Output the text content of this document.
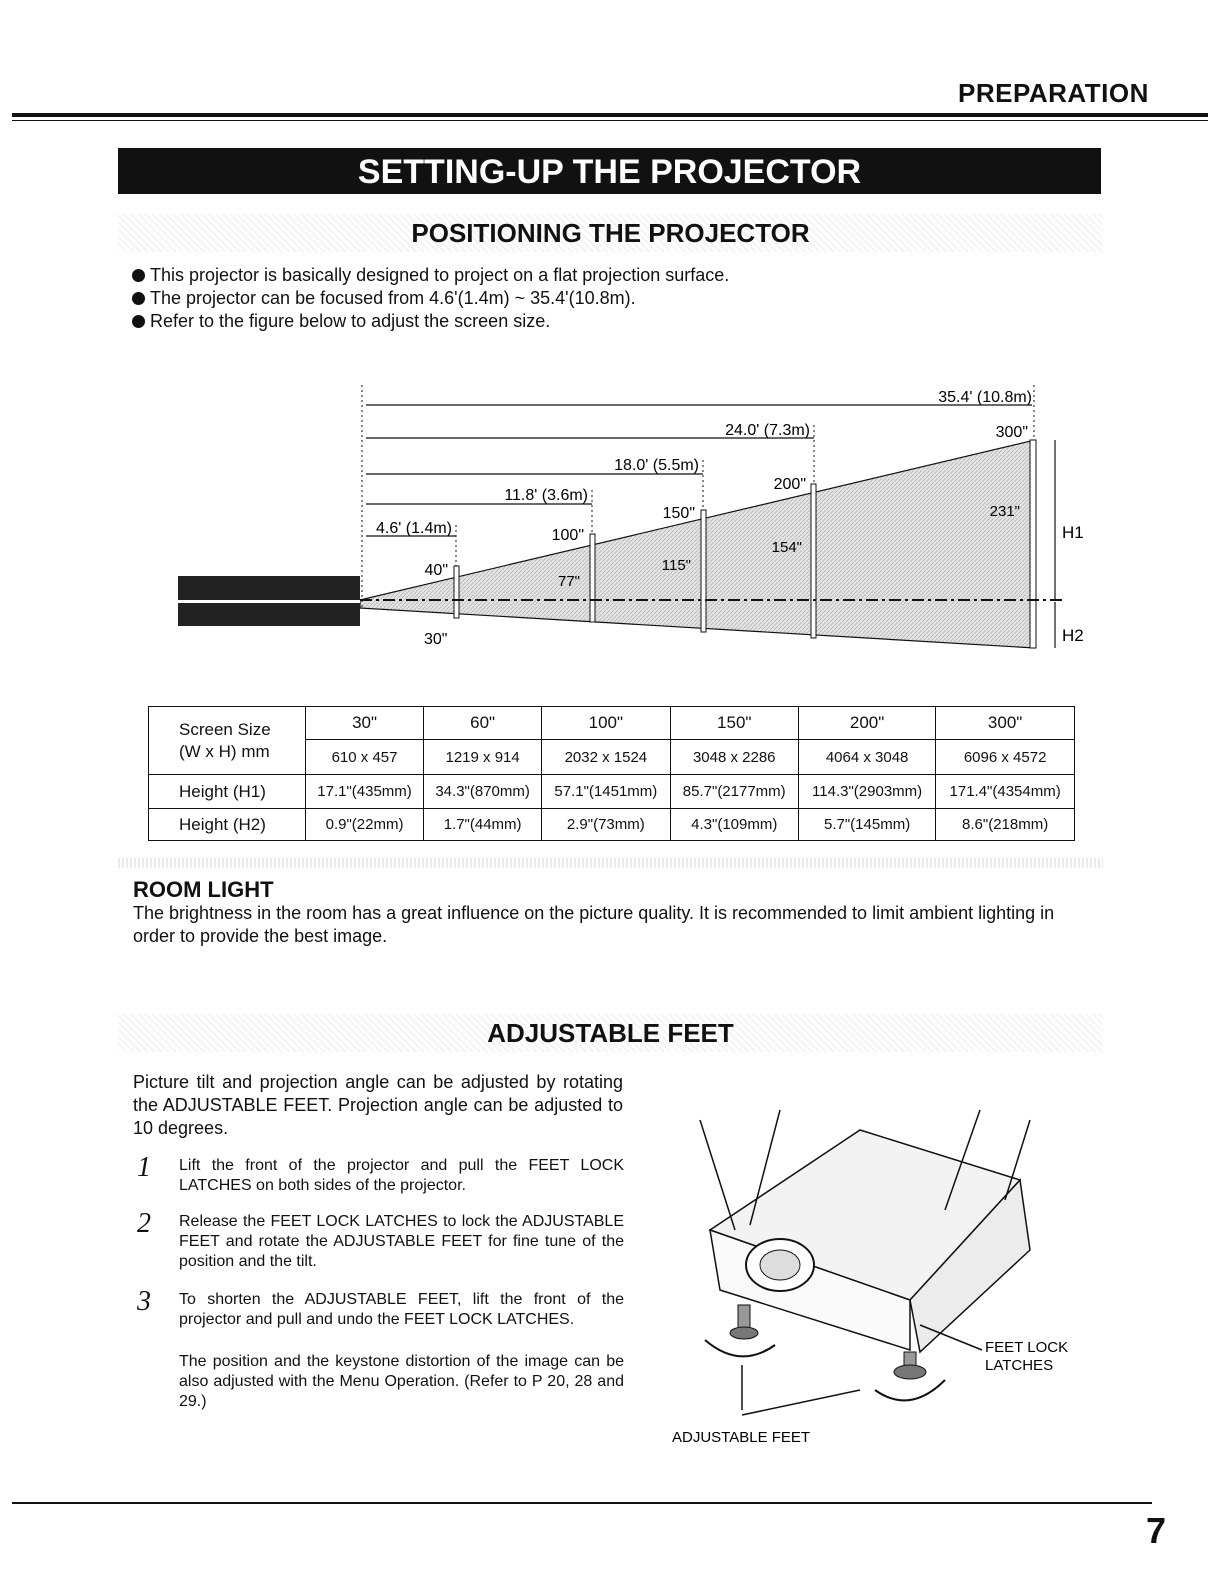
PREPARATION
SETTING-UP THE PROJECTOR
POSITIONING THE PROJECTOR
This projector is basically designed to project on a flat projection surface.
The projector can be focused from 4.6'(1.4m) ~ 35.4'(10.8m).
Refer to the figure below to adjust the screen size.
35.4' (10.8m)
24.0' (7.3m)
18.0' (5.5m)
11.8' (3.6m)
4.6' (1.4m)
300"
200"
150"
100"
40"
30"
231"
154"
115"
77"
H1
H2
Screen Size
(W x H) mm	30"	60"	100"	150"	200"	300"
	610 x 457	1219 x 914	2032 x 1524	3048 x 2286	4064 x 3048	6096 x 4572
Height (H1)	17.1"(435mm)	34.3"(870mm)	57.1"(1451mm)	85.7"(2177mm)	114.3"(2903mm)	171.4"(4354mm)
Height (H2)	0.9"(22mm)	1.7"(44mm)	2.9"(73mm)	4.3"(109mm)	5.7"(145mm)	8.6"(218mm)
ROOM LIGHT
The brightness in the room has a great influence on the picture quality. It is recommended to limit ambient lighting in order to provide the best image.
ADJUSTABLE FEET
Picture tilt and projection angle can be adjusted by rotating the ADJUSTABLE FEET. Projection angle can be adjusted to 10 degrees.
1 Lift the front of the projector and pull the FEET LOCK LATCHES on both sides of the projector.
2 Release the FEET LOCK LATCHES to lock the ADJUSTABLE FEET and rotate the ADJUSTABLE FEET for fine tune of the position and the tilt.
3 To shorten the ADJUSTABLE FEET, lift the front of the projector and pull and undo the FEET LOCK LATCHES.
The position and the keystone distortion of the image can be also adjusted with the Menu Operation. (Refer to P 20, 28 and 29.)
FEET LOCK
LATCHES
ADJUSTABLE FEET
7
